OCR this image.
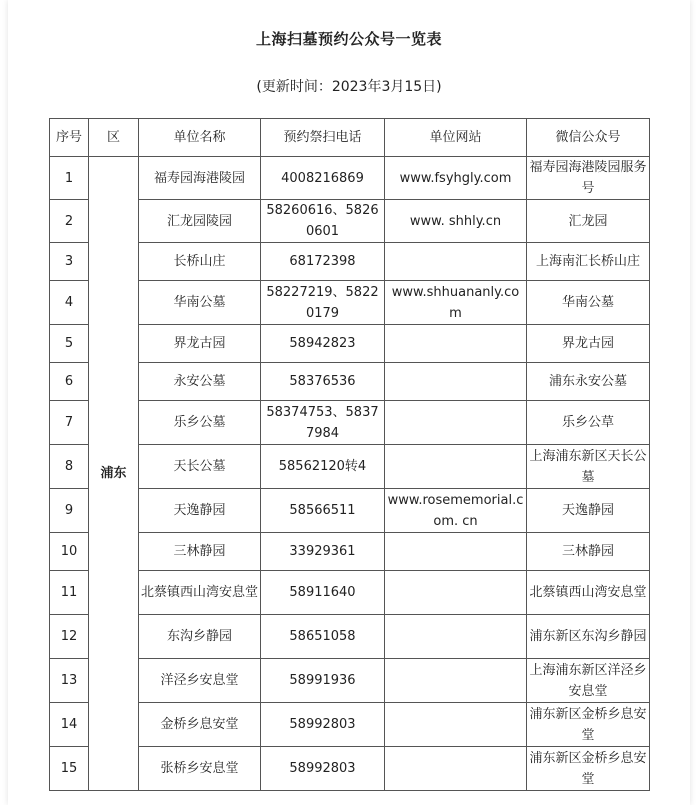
上海扫墓预约公众号一览表
(更新时间：2023年3月15日)
序号	区	单位名称	预约祭扫电话	单位网站	微信公众号
1	浦东	福寿园海港陵园	4008216869	www.fsyhgly.com	福寿园海港陵园服务号
2		汇龙园陵园	58260616、58260601	www. shhly.cn	汇龙园
3		长桥山庄	68172398		上海南汇长桥山庄
4		华南公墓	58227219、58220179	www.shhuananly.com	华南公墓
5		界龙古园	58942823		界龙古园
6		永安公墓	58376536		浦东永安公墓
7		乐乡公墓	58374753、58377984		乐乡公草
8		天长公墓	58562120转4		上海浦东新区天长公墓
9		天逸静园	58566511	www.rosememorial.com. cn	天逸静园
10		三林静园	33929361		三林静园
11		北蔡镇西山湾安息堂	58911640		北蔡镇西山湾安息堂
12		东沟乡静园	58651058		浦东新区东沟乡静园
13		洋泾乡安息堂	58991936		上海浦东新区洋泾乡安息堂
14		金桥乡息安堂	58992803		浦东新区金桥乡息安堂
15		张桥乡安息堂	58992803		浦东新区金桥乡息安堂
